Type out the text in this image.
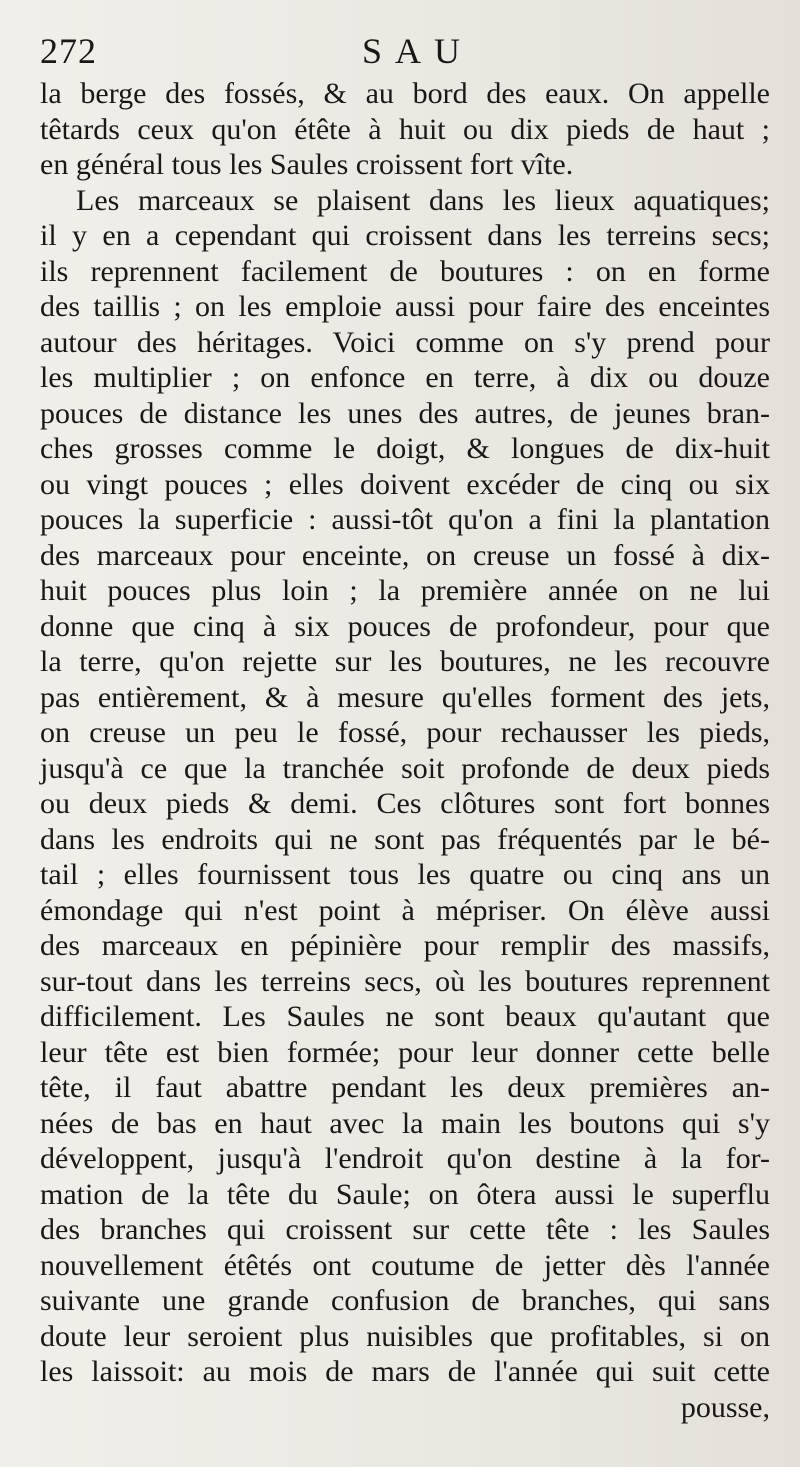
272	SAU
la berge des fossés, & au bord des eaux. On appelle
têtards ceux qu'on étête à huit ou dix pieds de haut ;
en général tous les Saules croissent fort vîte.
Les marceaux se plaisent dans les lieux aquatiques;
il y en a cependant qui croissent dans les terreins secs;
ils reprennent facilement de boutures : on en forme
des taillis ; on les emploie aussi pour faire des enceintes
autour des héritages. Voici comme on s'y prend pour
les multiplier ; on enfonce en terre, à dix ou douze
pouces de distance les unes des autres, de jeunes bran-
ches grosses comme le doigt, & longues de dix-huit
ou vingt pouces ; elles doivent excéder de cinq ou six
pouces la superficie : aussi-tôt qu'on a fini la plantation
des marceaux pour enceinte, on creuse un fossé à dix-
huit pouces plus loin ; la première année on ne lui
donne que cinq à six pouces de profondeur, pour que
la terre, qu'on rejette sur les boutures, ne les recouvre
pas entièrement, & à mesure qu'elles forment des jets,
on creuse un peu le fossé, pour rechausser les pieds,
jusqu'à ce que la tranchée soit profonde de deux pieds
ou deux pieds & demi. Ces clôtures sont fort bonnes
dans les endroits qui ne sont pas fréquentés par le bé-
tail ; elles fournissent tous les quatre ou cinq ans un
émondage qui n'est point à mépriser. On élève aussi
des marceaux en pépinière pour remplir des massifs,
sur-tout dans les terreins secs, où les boutures reprennent
difficilement. Les Saules ne sont beaux qu'autant que
leur tête est bien formée; pour leur donner cette belle
tête, il faut abattre pendant les deux premières an-
nées de bas en haut avec la main les boutons qui s'y
développent, jusqu'à l'endroit qu'on destine à la for-
mation de la tête du Saule; on ôtera aussi le superflu
des branches qui croissent sur cette tête : les Saules
nouvellement étêtés ont coutume de jetter dès l'année
suivante une grande confusion de branches, qui sans
doute leur seroient plus nuisibles que profitables, si on
les laissoit: au mois de mars de l'année qui suit cette
pousse,
